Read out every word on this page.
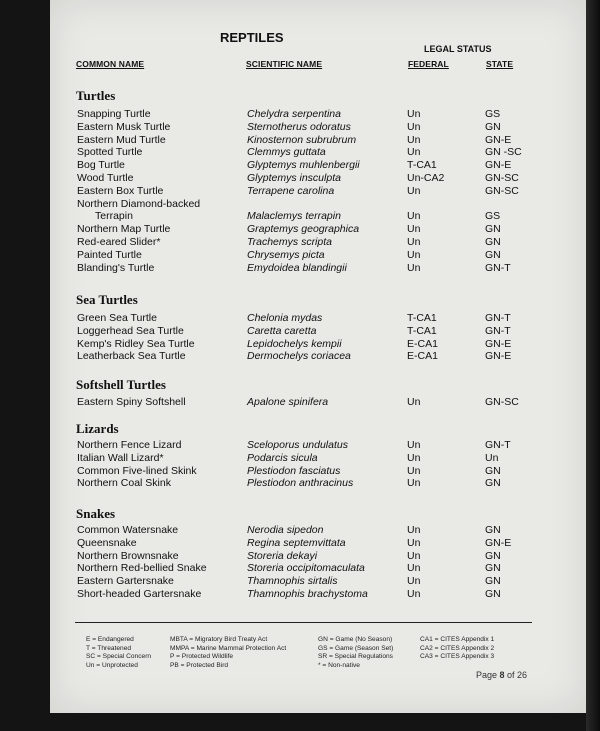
REPTILES
LEGAL STATUS
COMMON NAME	SCIENTIFIC NAME	FEDERAL	STATE
Turtles
Snapping Turtle	Chelydra serpentina	Un	GS
Eastern Musk Turtle	Sternotherus odoratus	Un	GN
Eastern Mud Turtle	Kinosternon subrubrum	Un	GN-E
Spotted Turtle	Clemmys guttata	Un	GN -SC
Bog Turtle	Glyptemys muhlenbergii	T-CA1	GN-E
Wood Turtle	Glyptemys insculpta	Un-CA2	GN-SC
Eastern Box Turtle	Terrapene carolina	Un	GN-SC
Northern Diamond-backed
Terrapin	Malaclemys terrapin	Un	GS
Northern Map Turtle	Graptemys geographica	Un	GN
Red-eared Slider*	Trachemys scripta	Un	GN
Painted Turtle	Chrysemys picta	Un	GN
Blanding's Turtle	Emydoidea blandingii	Un	GN-T
Sea Turtles
Green Sea Turtle	Chelonia mydas	T-CA1	GN-T
Loggerhead Sea Turtle	Caretta caretta	T-CA1	GN-T
Kemp's Ridley Sea Turtle	Lepidochelys kempii	E-CA1	GN-E
Leatherback Sea Turtle	Dermochelys coriacea	E-CA1	GN-E
Softshell Turtles
Eastern Spiny Softshell	Apalone spinifera	Un	GN-SC
Lizards
Northern Fence Lizard	Sceloporus undulatus	Un	GN-T
Italian Wall Lizard*	Podarcis sicula	Un	Un
Common Five-lined Skink	Plestiodon fasciatus	Un	GN
Northern Coal Skink	Plestiodon anthracinus	Un	GN
Snakes
Common Watersnake	Nerodia sipedon	Un	GN
Queensnake	Regina septemvittata	Un	GN-E
Northern Brownsnake	Storeria dekayi	Un	GN
Northern Red-bellied Snake	Storeria occipitomaculata	Un	GN
Eastern Gartersnake	Thamnophis sirtalis	Un	GN
Short-headed Gartersnake	Thamnophis brachystoma	Un	GN
E = Endangered
T = Threatened
SC = Special Concern
Un = Unprotected
MBTA = Migratory Bird Treaty Act
MMPA = Marine Mammal Protection Act
P = Protected Wildlife
PB = Protected Bird
GN = Game (No Season)
GS = Game (Season Set)
SR = Special Regulations
* = Non-native
CA1 = CITES Appendix 1
CA2 = CITES Appendix 2
CA3 = CITES Appendix 3
Page 8 of 26
